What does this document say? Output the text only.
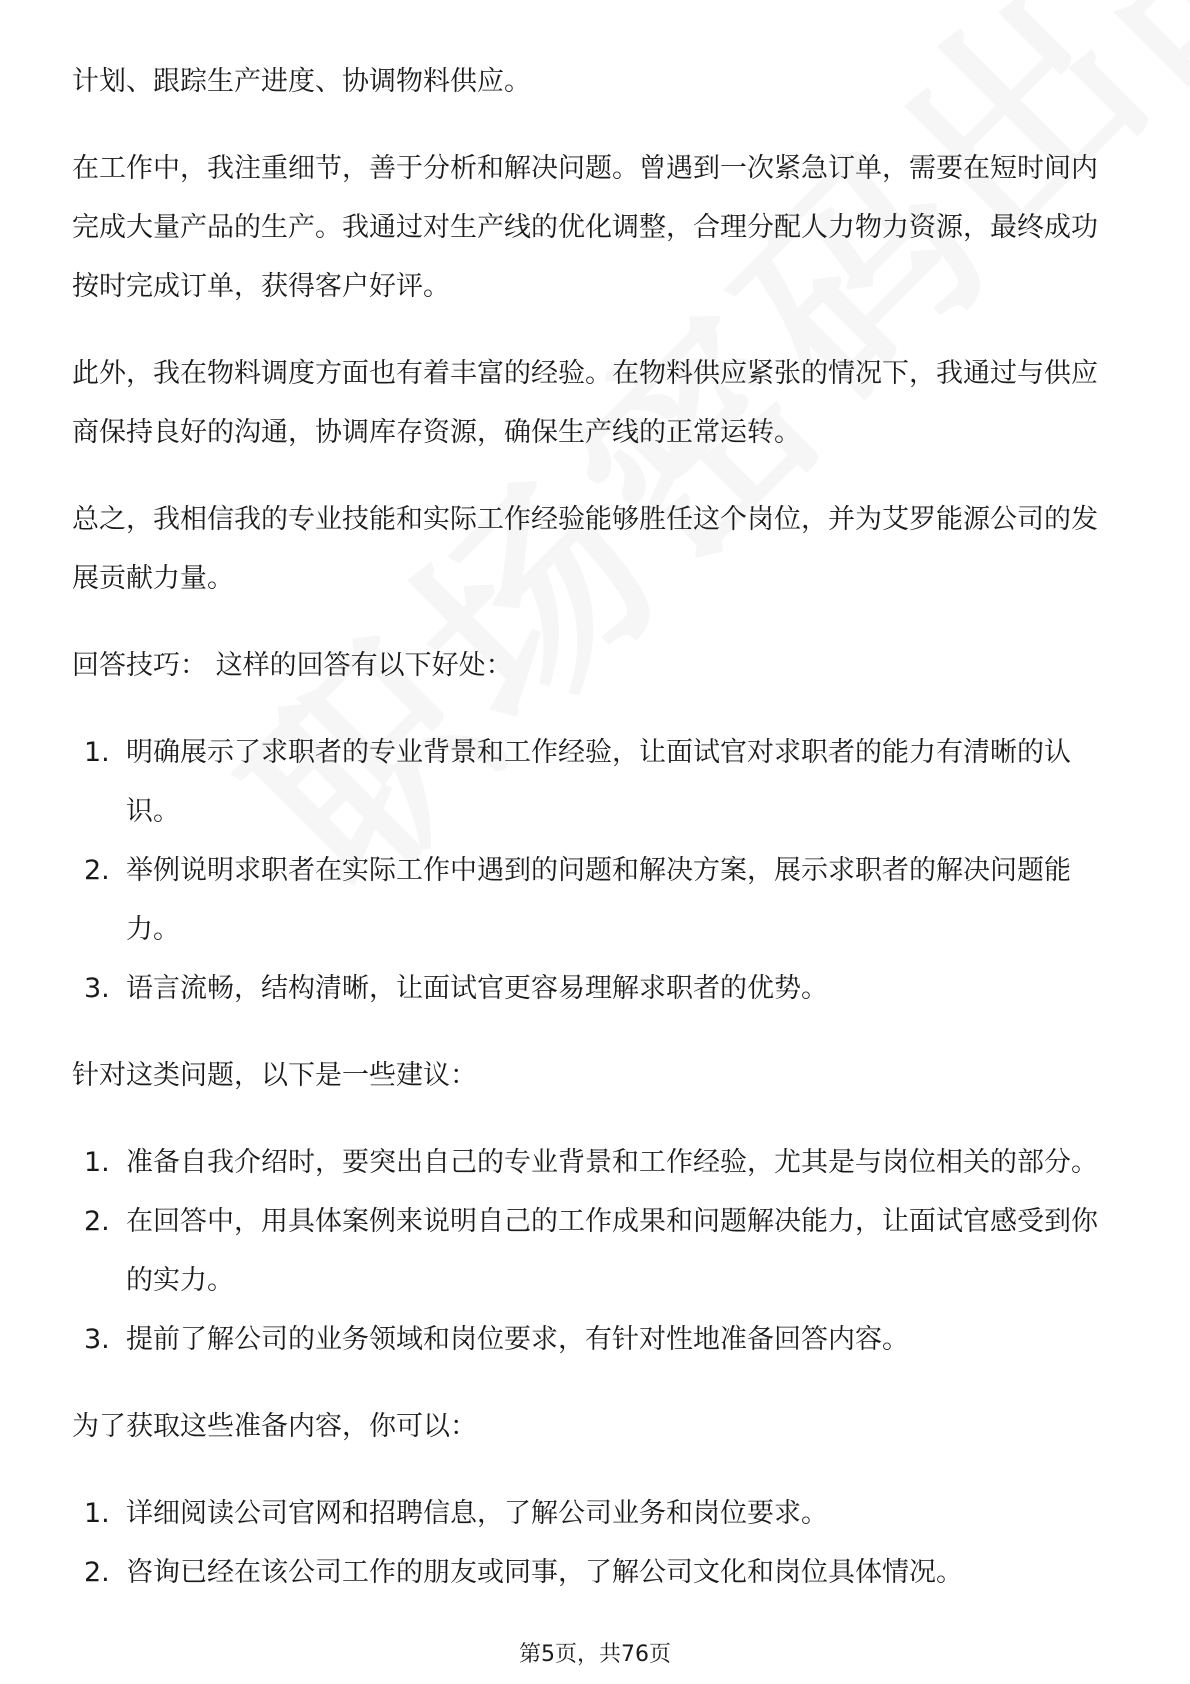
计划、跟踪生产进度、协调物料供应。

在工作中，我注重细节，善于分析和解决问题。曾遇到一次紧急订单，需要在短时间内完成大量产品的生产。我通过对生产线的优化调整，合理分配人力物力资源，最终成功按时完成订单，获得客户好评。

此外，我在物料调度方面也有着丰富的经验。在物料供应紧张的情况下，我通过与供应商保持良好的沟通，协调库存资源，确保生产线的正常运转。

总之，我相信我的专业技能和实际工作经验能够胜任这个岗位，并为艾罗能源公司的发展贡献力量。

回答技巧： 这样的回答有以下好处：

1. 明确展示了求职者的专业背景和工作经验，让面试官对求职者的能力有清晰的认识。
2. 举例说明求职者在实际工作中遇到的问题和解决方案，展示求职者的解决问题能力。
3. 语言流畅，结构清晰，让面试官更容易理解求职者的优势。

针对这类问题，以下是一些建议：

1. 准备自我介绍时，要突出自己的专业背景和工作经验，尤其是与岗位相关的部分。
2. 在回答中，用具体案例来说明自己的工作成果和问题解决能力，让面试官感受到你的实力。
3. 提前了解公司的业务领域和岗位要求，有针对性地准备回答内容。

为了获取这些准备内容，你可以：

1. 详细阅读公司官网和招聘信息，了解公司业务和岗位要求。
2. 咨询已经在该公司工作的朋友或同事，了解公司文化和岗位具体情况。
第5页，共76页
